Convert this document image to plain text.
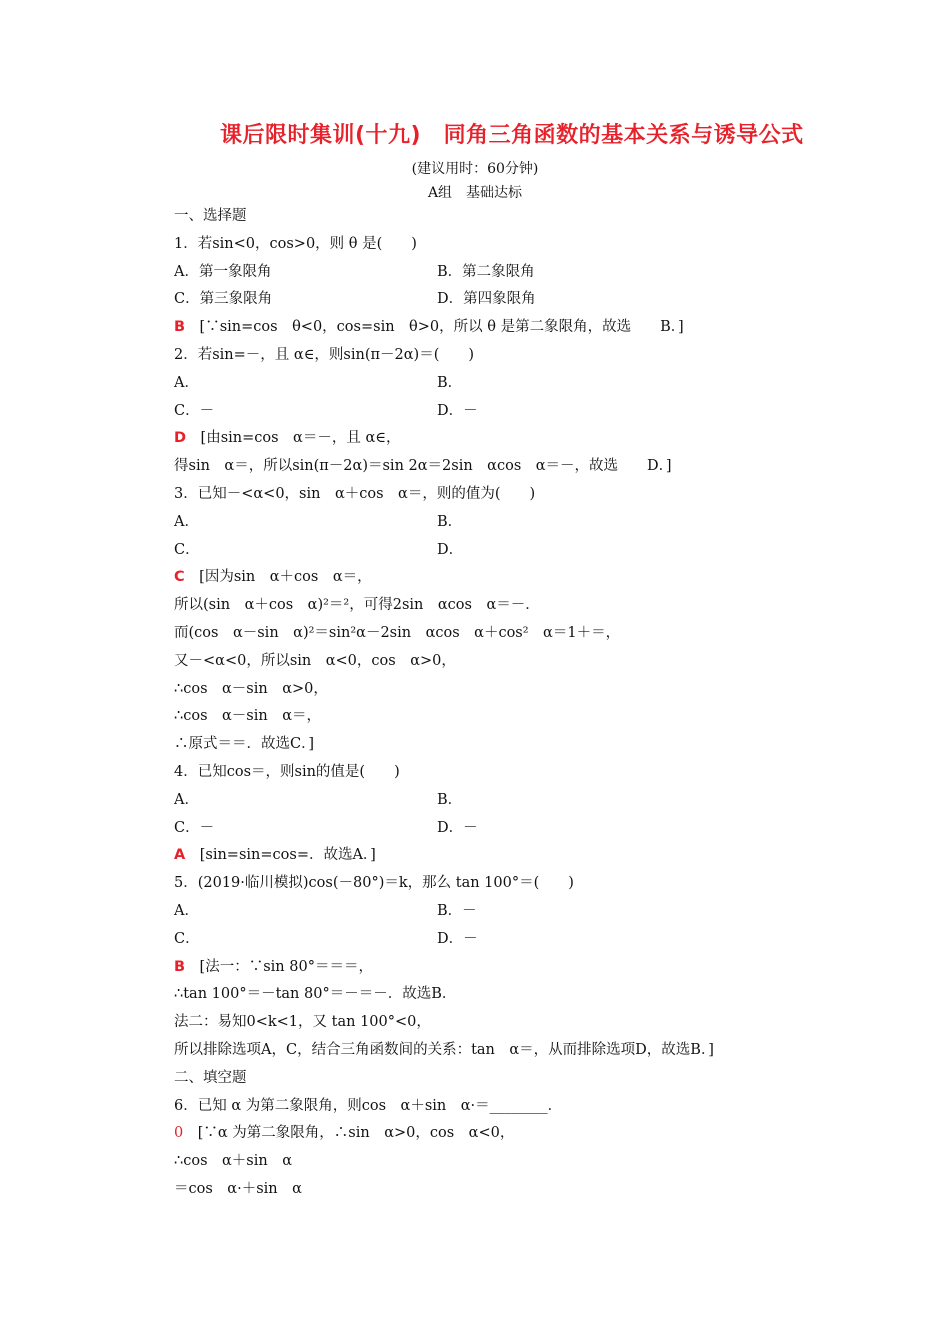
课后限时集训(十九)　同角三角函数的基本关系与诱导公式
(建议用时：60分钟)
A组　基础达标
一、选择题
1．若sin<0，cos>0，则 θ 是(　　)
A．第一象限角	B．第二象限角
C．第三象限角	D．第四象限角
B　[∵sin=cos　θ<0，cos=sin　θ>0，所以 θ 是第二象限角，故选　　B．]
2．若sin=－，且 α∈，则sin(π－2α)＝(　　)
A．	B．
C．－	D．－
D　[由sin=cos　α＝－，且 α∈，
得sin　α＝，所以sin(π－2α)＝sin 2α＝2sin　αcos　α＝－，故选　　D．]
3．已知－<α<0，sin　α＋cos　α＝，则的值为(　　)
A．	B．
C．	D．
C　[因为sin　α＋cos　α＝，
所以(sin　α＋cos　α)²＝²，可得2sin　αcos　α＝－．
而(cos　α－sin　α)²＝sin²α－2sin　αcos　α＋cos²　α＝1＋＝，
又－<α<0，所以sin　α<0，cos　α>0，
∴cos　α－sin　α>0，
∴cos　α－sin　α＝，
∴原式＝＝．故选C．]
4．已知cos＝，则sin的值是(　　)
A．	B．
C．－	D．－
A　[sin=sin=cos=．故选A．]
5．(2019·临川模拟)cos(－80°)＝k，那么 tan 100°＝(　　)
A．	B．－
C．	D．－
B　[法一：∵sin 80°＝＝＝，
∴tan 100°＝－tan 80°＝－＝－．故选B．
法二：易知0<k<1，又 tan 100°<0，
所以排除选项A，C，结合三角函数间的关系：tan　α＝，从而排除选项D，故选B．]
二、填空题
6．已知 α 为第二象限角，则cos　α＋sin　α·＝________．
0　[∵α 为第二象限角，∴sin　α>0，cos　α<0，
∴cos　α＋sin　α
＝cos　α·＋sin　α
